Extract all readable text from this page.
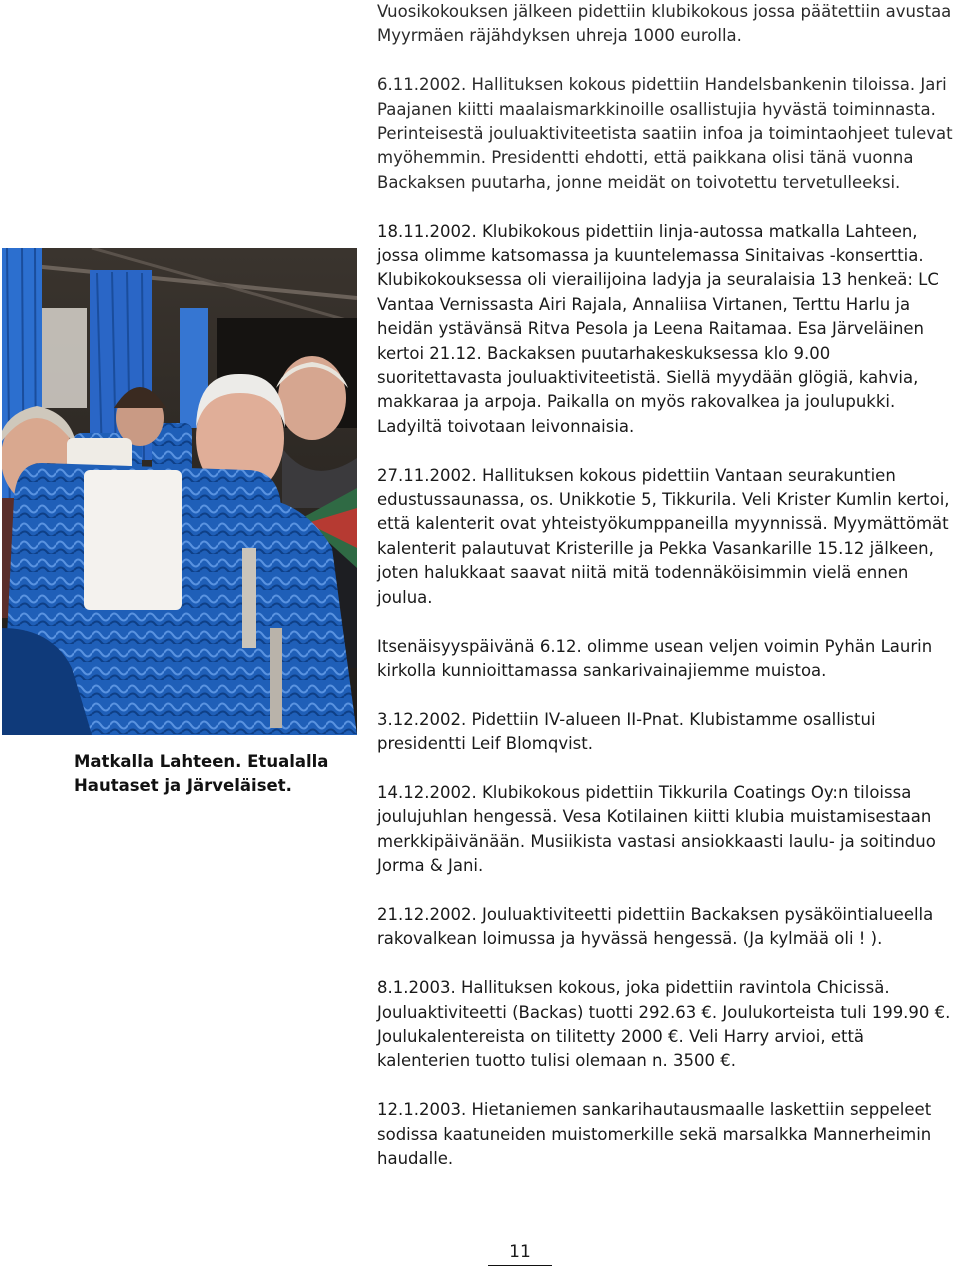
Vuosikokouksen jälkeen pidettiin klubikokous jossa päätettiin avustaa Myyrmäen räjähdyksen uhreja 1000 eurolla.

6.11.2002. Hallituksen kokous pidettiin Handelsbankenin tiloissa. Jari Paajanen kiitti maalaismarkkinoille osallistujia hyvästä toiminnasta. Perinteisestä jouluaktiviteetista saatiin infoa ja toimintaohjeet tulevat myöhemmin. Presidentti ehdotti, että paikkana olisi tänä vuonna Backaksen puutarha, jonne meidät on toivotettu tervetulleeksi.

18.11.2002. Klubikokous pidettiin linja-autossa matkalla Lahteen, jossa olimme katsomassa ja kuuntelemassa Sinitaivas -konserttia. Klubikokouksessa oli vierailijoina ladyja ja seuralaisia 13 henkeä: LC Vantaa Vernissasta Airi Rajala, Annaliisa Virtanen, Terttu Harlu ja heidän ystävänsä Ritva Pesola ja Leena Raitamaa. Esa Järveläinen kertoi 21.12. Backaksen puutarhakeskuksessa klo 9.00 suoritettavasta jouluaktiviteetistä. Siellä myydään glögiä, kahvia, makkaraa ja arpoja. Paikalla on myös rakovalkea ja joulupukki. Ladyiltä toivotaan leivonnaisia.

27.11.2002. Hallituksen kokous pidettiin Vantaan seurakuntien edustussaunassa, os. Unikkotie 5, Tikkurila. Veli Krister Kumlin kertoi, että kalenterit ovat yhteistyökumppaneilla myynnissä. Myymättömät kalenterit palautuvat Kristerille ja Pekka Vasankarille 15.12 jälkeen, joten halukkaat saavat niitä mitä todennäköisimmin vielä ennen joulua.

Itsenäisyyspäivänä 6.12. olimme usean veljen voimin Pyhän Laurin kirkolla kunnioittamassa sankarivainajiemme muistoa.

3.12.2002. Pidettiin IV-alueen II-Pnat. Klubistamme osallistui presidentti Leif Blomqvist.

14.12.2002. Klubikokous pidettiin Tikkurila Coatings Oy:n tiloissa joulujuhlan hengessä. Vesa Kotilainen kiitti klubia muistamisestaan merkkipäivänään. Musiikista vastasi ansiokkaasti laulu- ja soitinduo Jorma & Jani.

21.12.2002. Jouluaktiviteetti pidettiin Backaksen pysäköintialueella rakovalkean loimussa ja hyvässä hengessä. (Ja kylmää oli ! ).

8.1.2003. Hallituksen kokous, joka pidettiin ravintola Chicissä. Jouluaktiviteetti (Backas) tuotti 292.63 €. Joulukorteista tuli 199.90 €. Joulukalentereista on tilitetty 2000 €. Veli Harry arvioi, että kalenterien tuotto tulisi olemaan n. 3500 €.

12.1.2003. Hietaniemen sankarihautausmaalle laskettiin seppeleet sodissa kaatuneiden muistomerkille sekä marsalkka Mannerheimin haudalle.

Matkalla Lahteen. Etualalla Hautaset ja Järveläiset.
11
